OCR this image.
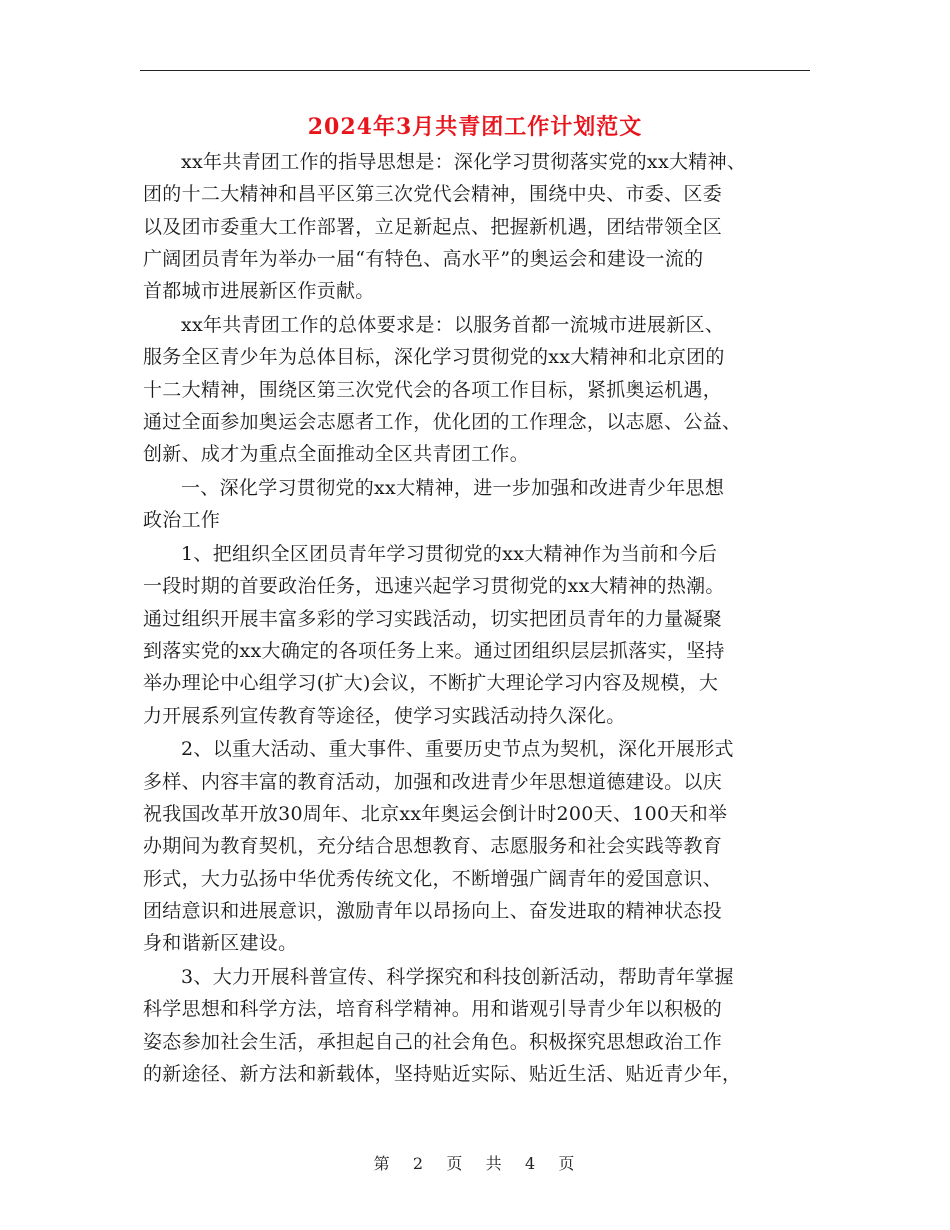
2024年3月共青团工作计划范文
xx年共青团工作的指导思想是：深化学习贯彻落实党的xx大精神、
团的十二大精神和昌平区第三次党代会精神，围绕中央、市委、区委
以及团市委重大工作部署，立足新起点、把握新机遇，团结带领全区
广阔团员青年为举办一届“有特色、高水平”的奥运会和建设一流的
首都城市进展新区作贡献。
xx年共青团工作的总体要求是：以服务首都一流城市进展新区、
服务全区青少年为总体目标，深化学习贯彻党的xx大精神和北京团的
十二大精神，围绕区第三次党代会的各项工作目标，紧抓奥运机遇，
通过全面参加奥运会志愿者工作，优化团的工作理念，以志愿、公益、
创新、成才为重点全面推动全区共青团工作。
一、深化学习贯彻党的xx大精神，进一步加强和改进青少年思想
政治工作
1、把组织全区团员青年学习贯彻党的xx大精神作为当前和今后
一段时期的首要政治任务，迅速兴起学习贯彻党的xx大精神的热潮。
通过组织开展丰富多彩的学习实践活动，切实把团员青年的力量凝聚
到落实党的xx大确定的各项任务上来。通过团组织层层抓落实，坚持
举办理论中心组学习(扩大)会议，不断扩大理论学习内容及规模，大
力开展系列宣传教育等途径，使学习实践活动持久深化。
2、以重大活动、重大事件、重要历史节点为契机，深化开展形式
多样、内容丰富的教育活动，加强和改进青少年思想道德建设。以庆
祝我国改革开放30周年、北京xx年奥运会倒计时200天、100天和举
办期间为教育契机，充分结合思想教育、志愿服务和社会实践等教育
形式，大力弘扬中华优秀传统文化，不断增强广阔青年的爱国意识、
团结意识和进展意识，激励青年以昂扬向上、奋发进取的精神状态投
身和谐新区建设。
3、大力开展科普宣传、科学探究和科技创新活动，帮助青年掌握
科学思想和科学方法，培育科学精神。用和谐观引导青少年以积极的
姿态参加社会生活，承担起自己的社会角色。积极探究思想政治工作
的新途径、新方法和新载体，坚持贴近实际、贴近生活、贴近青少年，
第 2 页 共 4 页
